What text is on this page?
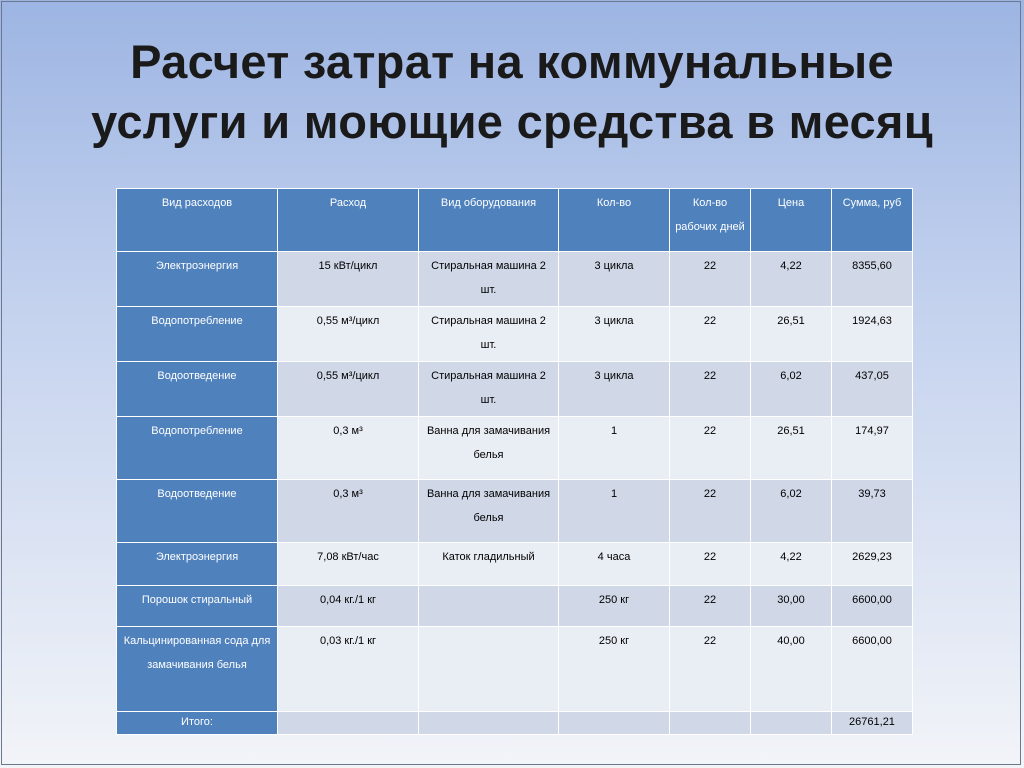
Расчет затрат на коммунальные
услуги и моющие средства в месяц
Вид расходов	Расход	Вид оборудования	Кол-во	Кол-во рабочих дней	Цена	Сумма, руб
Электроэнергия	15 кВт/цикл	Стиральная машина 2 шт.	3 цикла	22	4,22	8355,60
Водопотребление	0,55 м³/цикл	Стиральная машина 2 шт.	3 цикла	22	26,51	1924,63
Водоотведение	0,55 м³/цикл	Стиральная машина 2 шт.	3 цикла	22	6,02	437,05
Водопотребление	0,3 м³	Ванна для замачивания белья	1	22	26,51	174,97
Водоотведение	0,3 м³	Ванна для замачивания белья	1	22	6,02	39,73
Электроэнергия	7,08 кВт/час	Каток гладильный	4 часа	22	4,22	2629,23
Порошок стиральный	0,04 кг./1 кг		250 кг	22	30,00	6600,00
Кальцинированная сода для замачивания белья	0,03 кг./1 кг		250 кг	22	40,00	6600,00
Итого:						26761,21
